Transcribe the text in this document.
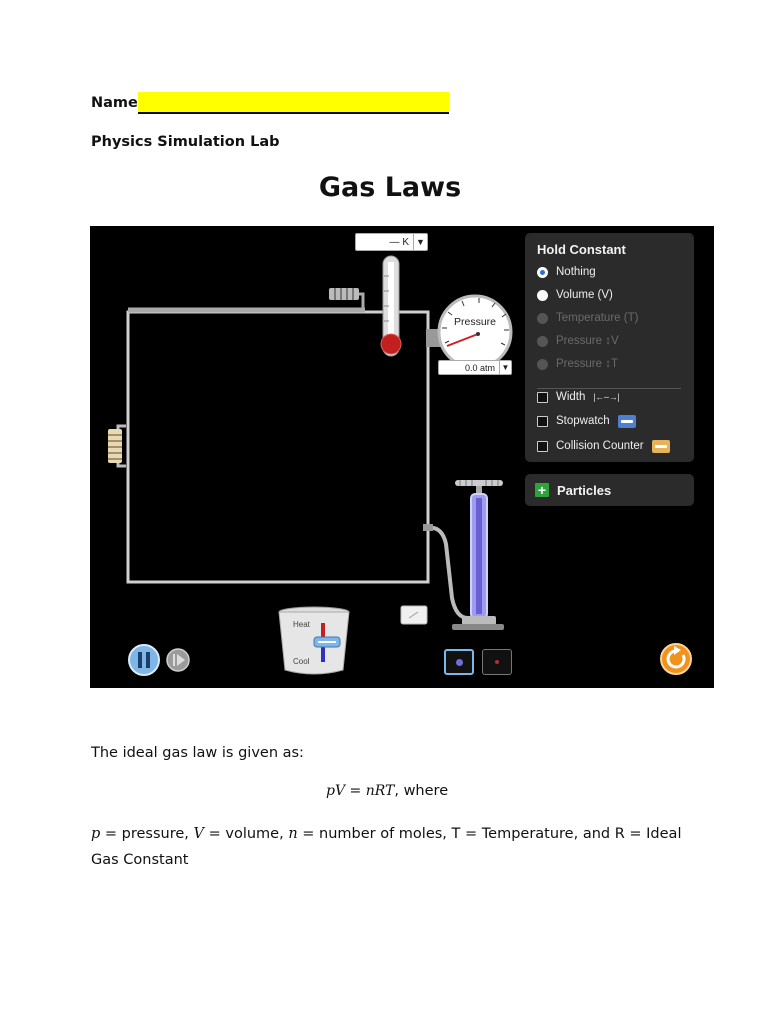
Name
Physics Simulation Lab
Gas Laws
— K ▼
Pressure
0.0 atm ▼
Heat
Cool
Hold Constant
Nothing
Volume (V)
Temperature (T)
Pressure ↕V
Pressure ↕T
Width |←--→|
Stopwatch
Collision Counter
+ Particles
The ideal gas law is given as:
pV = nRT, where
p = pressure, V = volume, n = number of moles, T = Temperature, and R = Ideal Gas Constant
